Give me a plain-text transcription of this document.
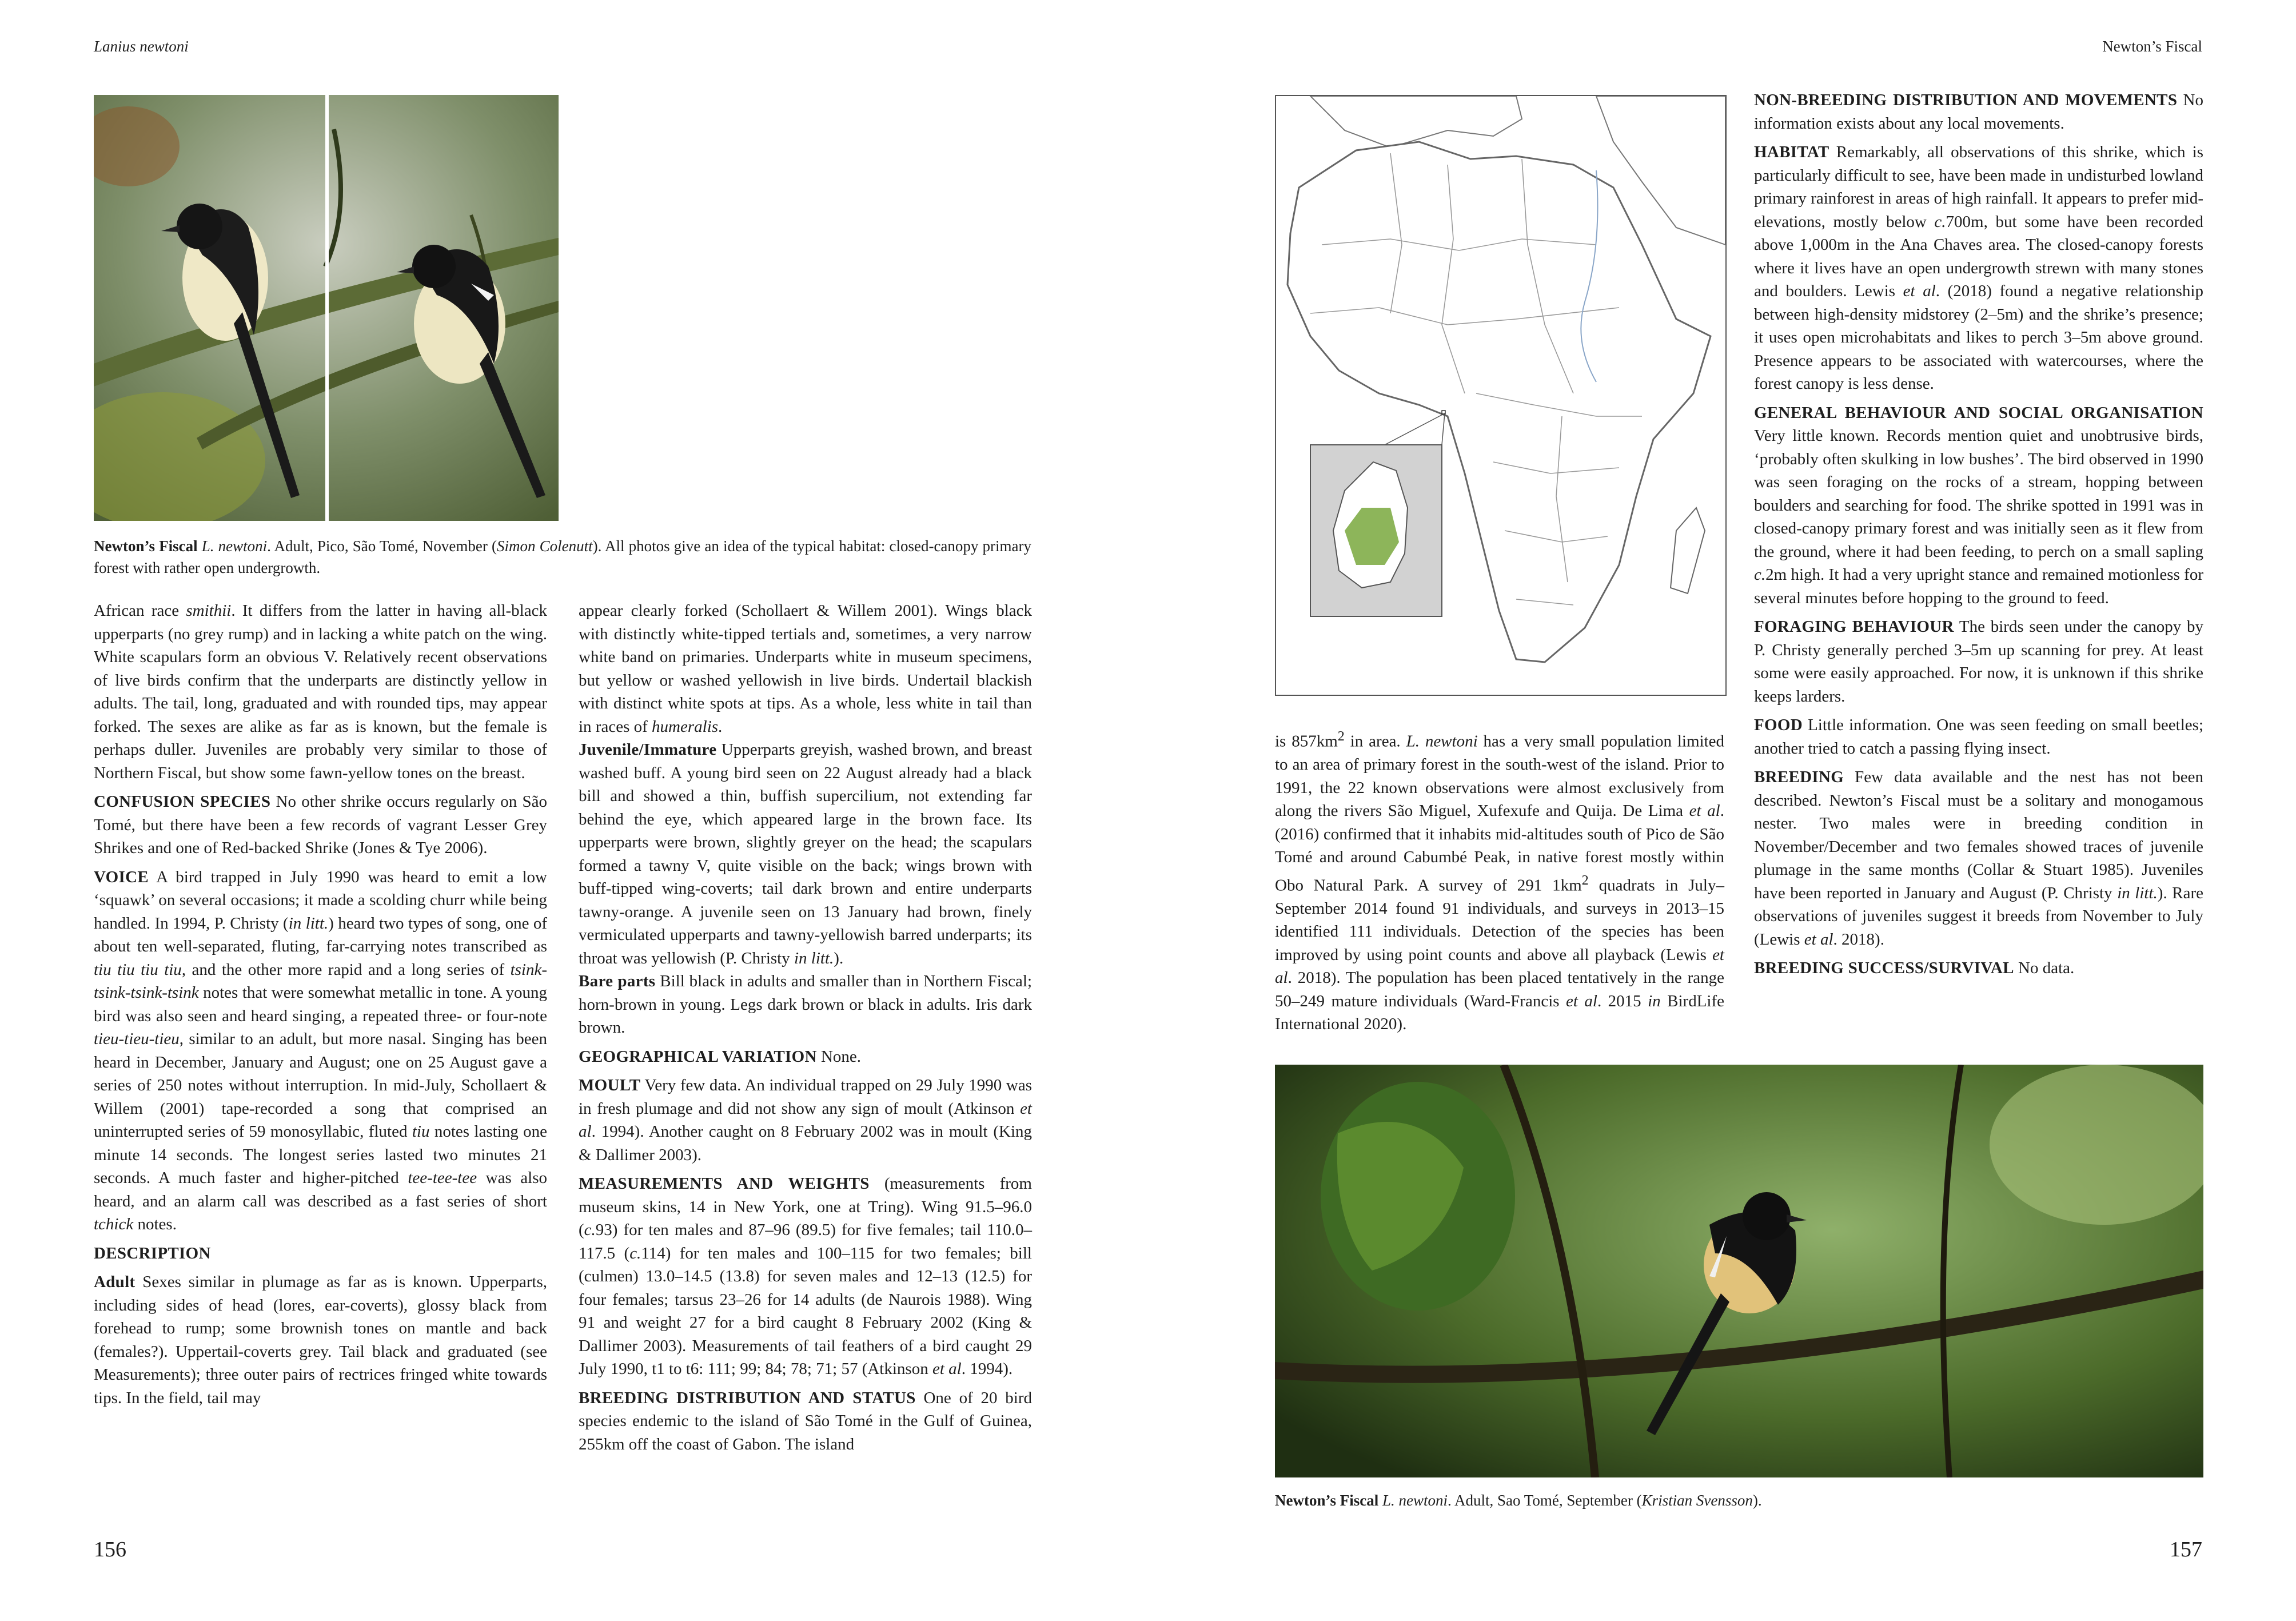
Lanius newtoni
Newton’s Fiscal L. newtoni. Adult, Pico, São Tomé, November (Simon Colenutt). All photos give an idea of the typical habitat: closed-canopy primary forest with rather open undergrowth.

African race smithii. It differs from the latter in having all-black upperparts (no grey rump) and in lacking a white patch on the wing. White scapulars form an obvious V. Relatively recent observations of live birds confirm that the underparts are distinctly yellow in adults. The tail, long, graduated and with rounded tips, may appear forked. The sexes are alike as far as is known, but the female is perhaps duller. Juveniles are probably very similar to those of Northern Fiscal, but show some fawn-yellow tones on the breast.

CONFUSION SPECIES No other shrike occurs regularly on São Tomé, but there have been a few records of vagrant Lesser Grey Shrikes and one of Red-backed Shrike (Jones & Tye 2006).

VOICE A bird trapped in July 1990 was heard to emit a low ‘squawk’ on several occasions; it made a scolding churr while being handled. In 1994, P. Christy (in litt.) heard two types of song, one of about ten well-separated, fluting, far-carrying notes transcribed as tiu tiu tiu tiu, and the other more rapid and a long series of tsink-tsink-tsink-tsink notes that were somewhat metallic in tone. A young bird was also seen and heard singing, a repeated three- or four-note tieu-tieu-tieu, similar to an adult, but more nasal. Singing has been heard in December, January and August; one on 25 August gave a series of 250 notes without interruption. In mid-July, Schollaert & Willem (2001) tape-recorded a song that comprised an uninterrupted series of 59 monosyllabic, fluted tiu notes lasting one minute 14 seconds. The longest series lasted two minutes 21 seconds. A much faster and higher-pitched tee-tee-tee was also heard, and an alarm call was described as a fast series of short tchick notes.

DESCRIPTION

Adult Sexes similar in plumage as far as is known. Upperparts, including sides of head (lores, ear-coverts), glossy black from forehead to rump; some brownish tones on mantle and back (females?). Uppertail-coverts grey. Tail black and graduated (see Measurements); three outer pairs of rectrices fringed white towards tips. In the field, tail may

appear clearly forked (Schollaert & Willem 2001). Wings black with distinctly white-tipped tertials and, sometimes, a very narrow white band on primaries. Underparts white in museum specimens, but yellow or washed yellowish in live birds. Undertail blackish with distinct white spots at tips. As a whole, less white in tail than in races of humeralis.
Juvenile/Immature Upperparts greyish, washed brown, and breast washed buff. A young bird seen on 22 August already had a black bill and showed a thin, buffish supercilium, not extending far behind the eye, which appeared large in the brown face. Its upperparts were brown, slightly greyer on the head; the scapulars formed a tawny V, quite visible on the back; wings brown with buff-tipped wing-coverts; tail dark brown and entire underparts tawny-orange. A juvenile seen on 13 January had brown, finely vermiculated upperparts and tawny-yellowish barred underparts; its throat was yellowish (P. Christy in litt.).
Bare parts Bill black in adults and smaller than in Northern Fiscal; horn-brown in young. Legs dark brown or black in adults. Iris dark brown.

GEOGRAPHICAL VARIATION None.

MOULT Very few data. An individual trapped on 29 July 1990 was in fresh plumage and did not show any sign of moult (Atkinson et al. 1994). Another caught on 8 February 2002 was in moult (King & Dallimer 2003).

MEASUREMENTS AND WEIGHTS (measurements from museum skins, 14 in New York, one at Tring). Wing 91.5–96.0 (c.93) for ten males and 87–96 (89.5) for five females; tail 110.0–117.5 (c.114) for ten males and 100–115 for two females; bill (culmen) 13.0–14.5 (13.8) for seven males and 12–13 (12.5) for four females; tarsus 23–26 for 14 adults (de Naurois 1988). Wing 91 and weight 27 for a bird caught 8 February 2002 (King & Dallimer 2003). Measurements of tail feathers of a bird caught 29 July 1990, t1 to t6: 111; 99; 84; 78; 71; 57 (Atkinson et al. 1994).

BREEDING DISTRIBUTION AND STATUS One of 20 bird species endemic to the island of São Tomé in the Gulf of Guinea, 255km off the coast of Gabon. The island

156
Newton’s Fiscal

is $857km^2$ in area. L. newtoni has a very small population limited to an area of primary forest in the south-west of the island. Prior to 1991, the 22 known observations were almost exclusively from along the rivers São Miguel, Xufexufe and Quija. De Lima et al. (2016) confirmed that it inhabits mid-altitudes south of Pico de São Tomé and around Cabumbé Peak, in native forest mostly within Obo Natural Park. A survey of 291 $1km^2$ quadrats in July–September 2014 found 91 individuals, and surveys in 2013–15 identified 111 individuals. Detection of the species has been improved by using point counts and above all playback (Lewis et al. 2018). The population has been placed tentatively in the range 50–249 mature individuals (Ward-Francis et al. 2015 in BirdLife International 2020).

NON-BREEDING DISTRIBUTION AND MOVEMENTS No information exists about any local movements.

HABITAT Remarkably, all observations of this shrike, which is particularly difficult to see, have been made in undisturbed lowland primary rainforest in areas of high rainfall. It appears to prefer mid-elevations, mostly below c.700m, but some have been recorded above 1,000m in the Ana Chaves area. The closed-canopy forests where it lives have an open undergrowth strewn with many stones and boulders. Lewis et al. (2018) found a negative relationship between high-density midstorey (2–5m) and the shrike’s presence; it uses open microhabitats and likes to perch 3–5m above ground. Presence appears to be associated with watercourses, where the forest canopy is less dense.

GENERAL BEHAVIOUR AND SOCIAL ORGANISATION Very little known. Records mention quiet and unobtrusive birds, ‘probably often skulking in low bushes’. The bird observed in 1990 was seen foraging on the rocks of a stream, hopping between boulders and searching for food. The shrike spotted in 1991 was in closed-canopy primary forest and was initially seen as it flew from the ground, where it had been feeding, to perch on a small sapling c.2m high. It had a very upright stance and remained motionless for several minutes before hopping to the ground to feed.

FORAGING BEHAVIOUR The birds seen under the canopy by P. Christy generally perched 3–5m up scanning for prey. At least some were easily approached. For now, it is unknown if this shrike keeps larders.

FOOD Little information. One was seen feeding on small beetles; another tried to catch a passing flying insect.

BREEDING Few data available and the nest has not been described. Newton’s Fiscal must be a solitary and monogamous nester. Two males were in breeding condition in November/December and two females showed traces of juvenile plumage in the same months (Collar & Stuart 1985). Juveniles have been reported in January and August (P. Christy in litt.). Rare observations of juveniles suggest it breeds from November to July (Lewis et al. 2018).

BREEDING SUCCESS/SURVIVAL No data.

Newton’s Fiscal L. newtoni. Adult, Sao Tomé, September (Kristian Svensson).
157
